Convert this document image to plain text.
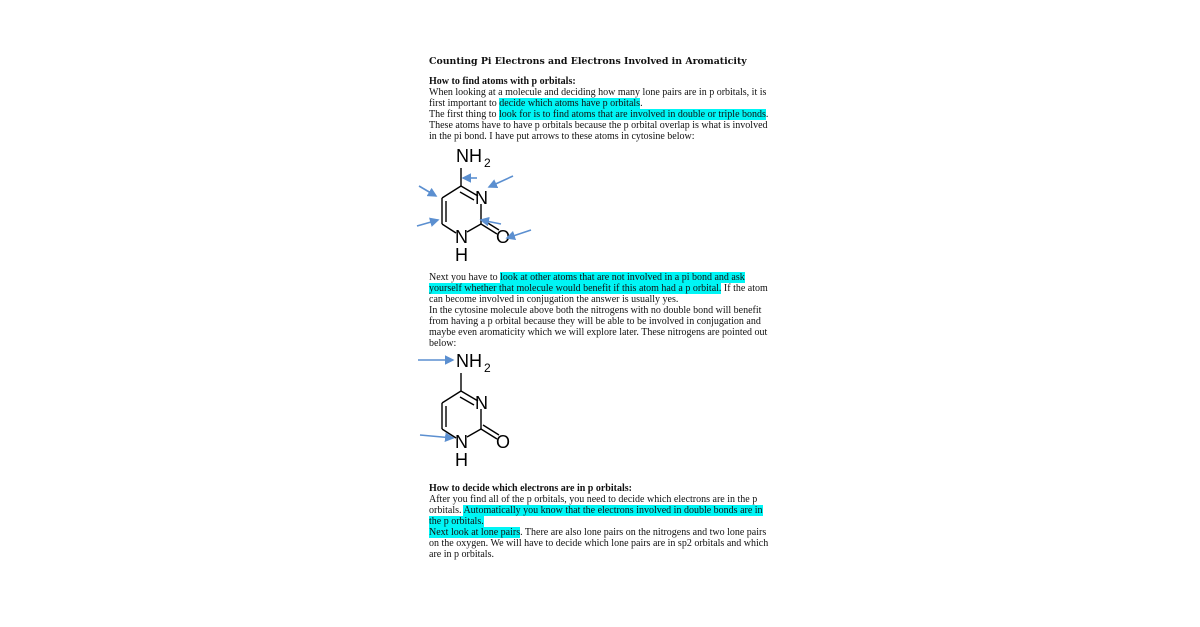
Counting Pi Electrons and Electrons Involved in Aromaticity
How to find atoms with p orbitals:

When looking at a molecule and deciding how many lone pairs are in p orbitals, it is first important to decide which atoms have p orbitals.

The first thing to look for is to find atoms that are involved in double or triple bonds. These atoms have to have p orbitals because the p orbital overlap is what is involved in the pi bond. I have put arrows to these atoms in cytosine below:

NH 2
N
N
H
O

Next you have to look at other atoms that are not involved in a pi bond and ask yourself whether that molecule would benefit if this atom had a p orbital. If the atom can become involved in conjugation the answer is usually yes.

In the cytosine molecule above both the nitrogens with no double bond will benefit from having a p orbital because they will be able to be involved in conjugation and maybe even aromaticity which we will explore later. These nitrogens are pointed out below:

NH 2
N
N
H
O
How to decide which electrons are in p orbitals:

After you find all of the p orbitals, you need to decide which electrons are in the p orbitals. Automatically you know that the electrons involved in double bonds are in the p orbitals.

Next look at lone pairs. There are also lone pairs on the nitrogens and two lone pairs on the oxygen. We will have to decide which lone pairs are in sp2 orbitals and which are in p orbitals.
